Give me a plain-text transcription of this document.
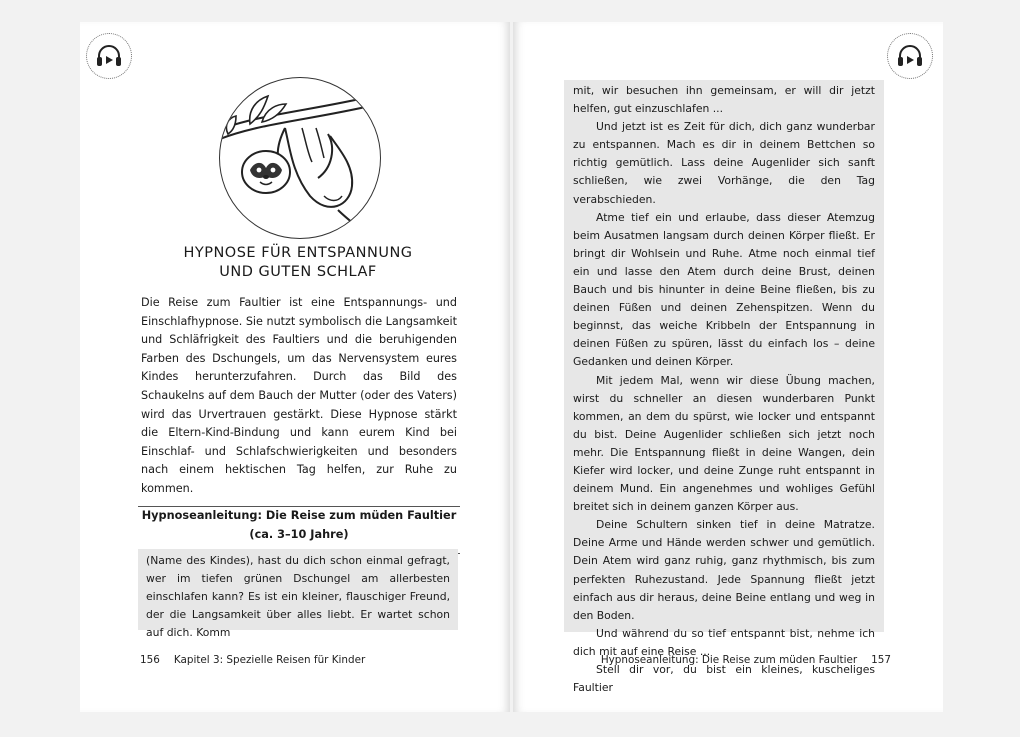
HYPNOSE FÜR ENTSPANNUNG
UND GUTEN SCHLAF

Die Reise zum Faultier ist eine Entspannungs- und Einschlafhypnose. Sie nutzt symbolisch die Langsamkeit und Schläfrigkeit des Faultiers und die beruhigenden Farben des Dschungels, um das Nervensystem eures Kindes herunterzufahren. Durch das Bild des Schaukelns auf dem Bauch der Mutter (oder des Vaters) wird das Urvertrauen gestärkt. Diese Hypnose stärkt die Eltern-Kind-Bindung und kann eurem Kind bei Einschlaf- und Schlafschwierigkeiten und besonders nach einem hektischen Tag helfen, zur Ruhe zu kommen.

Hypnoseanleitung: Die Reise zum müden Faultier
(ca. 3–10 Jahre)

(Name des Kindes), hast du dich schon einmal gefragt, wer im tiefen grünen Dschungel am allerbesten einschlafen kann? Es ist ein kleiner, flauschiger Freund, der die Langsamkeit über alles liebt. Er wartet schon auf dich. Komm

156 Kapitel 3: Spezielle Reisen für Kinder

mit, wir besuchen ihn gemeinsam, er will dir jetzt helfen, gut einzuschlafen ...

Und jetzt ist es Zeit für dich, dich ganz wunderbar zu entspannen. Mach es dir in deinem Bettchen so richtig gemütlich. Lass deine Augenlider sich sanft schließen, wie zwei Vorhänge, die den Tag verabschieden.

Atme tief ein und erlaube, dass dieser Atemzug beim Ausatmen langsam durch deinen Körper fließt. Er bringt dir Wohlsein und Ruhe. Atme noch einmal tief ein und lasse den Atem durch deine Brust, deinen Bauch und bis hinunter in deine Beine fließen, bis zu deinen Füßen und deinen Zehenspitzen. Wenn du beginnst, das weiche Kribbeln der Entspannung in deinen Füßen zu spüren, lässt du einfach los – deine Gedanken und deinen Körper.

Mit jedem Mal, wenn wir diese Übung machen, wirst du schneller an diesen wunderbaren Punkt kommen, an dem du spürst, wie locker und entspannt du bist. Deine Augenlider schließen sich jetzt noch mehr. Die Entspannung fließt in deine Wangen, dein Kiefer wird locker, und deine Zunge ruht entspannt in deinem Mund. Ein angenehmes und wohliges Gefühl breitet sich in deinem ganzen Körper aus.

Deine Schultern sinken tief in deine Matratze. Deine Arme und Hände werden schwer und gemütlich. Dein Atem wird ganz ruhig, ganz rhythmisch, bis zum perfekten Ruhezustand. Jede Spannung fließt jetzt einfach aus dir heraus, deine Beine entlang und weg in den Boden.

Und während du so tief entspannt bist, nehme ich dich mit auf eine Reise ...

Stell dir vor, du bist ein kleines, kuscheliges Faultier

Hypnoseanleitung: Die Reise zum müden Faultier 157
